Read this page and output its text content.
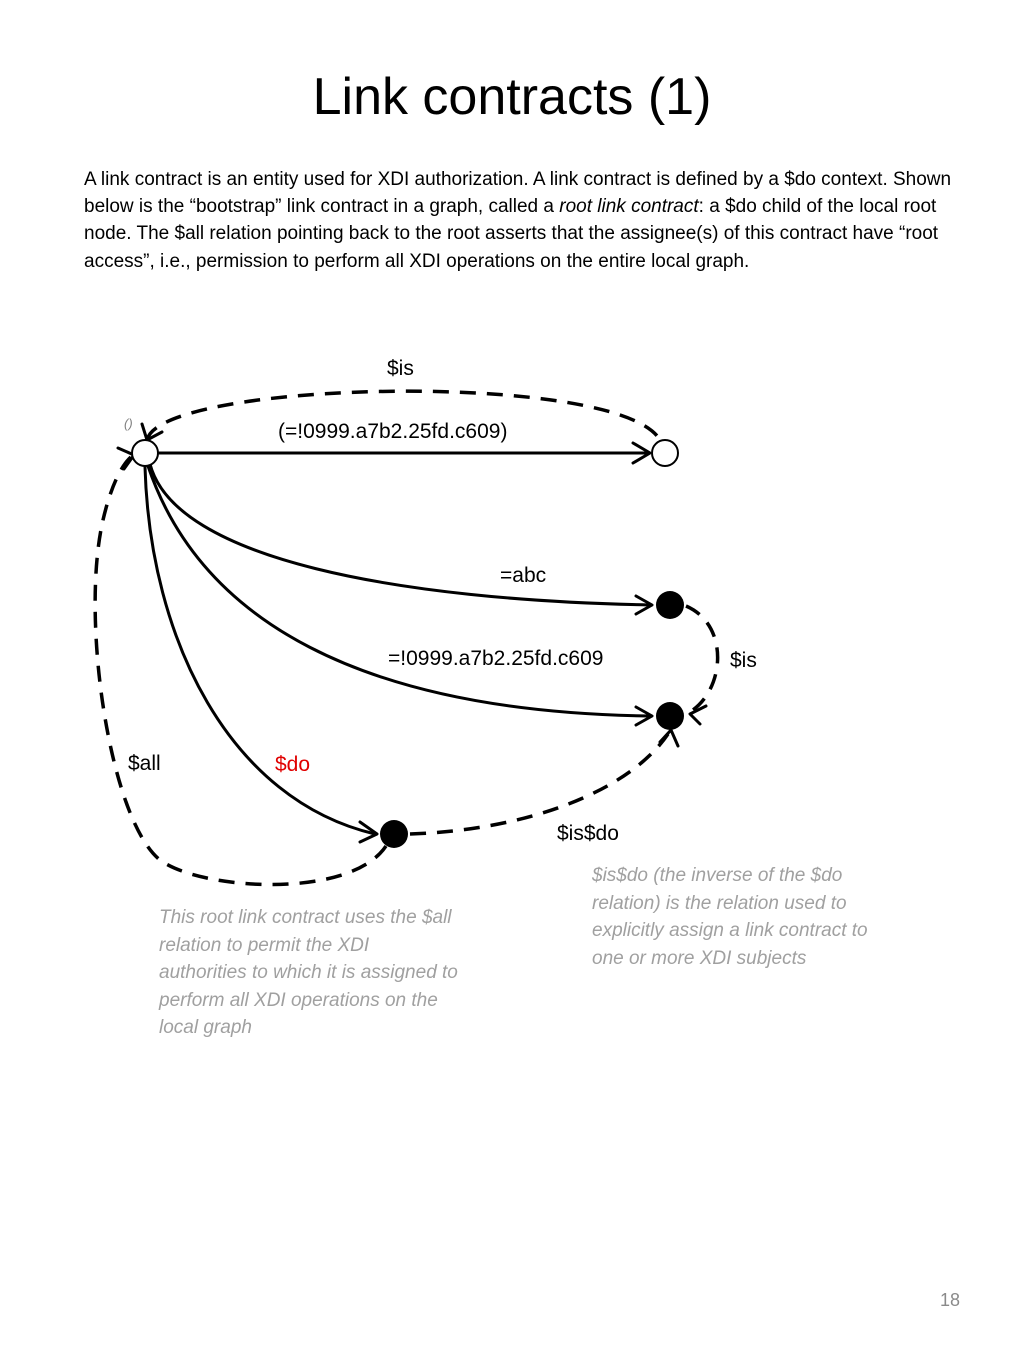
Link contracts (1)
A link contract is an entity used for XDI authorization. A link contract is defined by a $do context. Shown below is the “bootstrap” link contract in a graph, called a root link contract: a $do child of the local root node. The $all relation pointing back to the root asserts that the assignee(s) of this contract have “root access”, i.e., permission to perform all XDI operations on the entire local graph.
()
$is
(=!0999.a7b2.25fd.c609)
=abc
=!0999.a7b2.25fd.c609	$is
$all	$do
$is$do
This root link contract uses the $all relation to permit the XDI authorities to which it is assigned to perform all XDI operations on the local graph
$is$do (the inverse of the $do relation) is the relation used to explicitly assign a link contract to one or more XDI subjects
18
